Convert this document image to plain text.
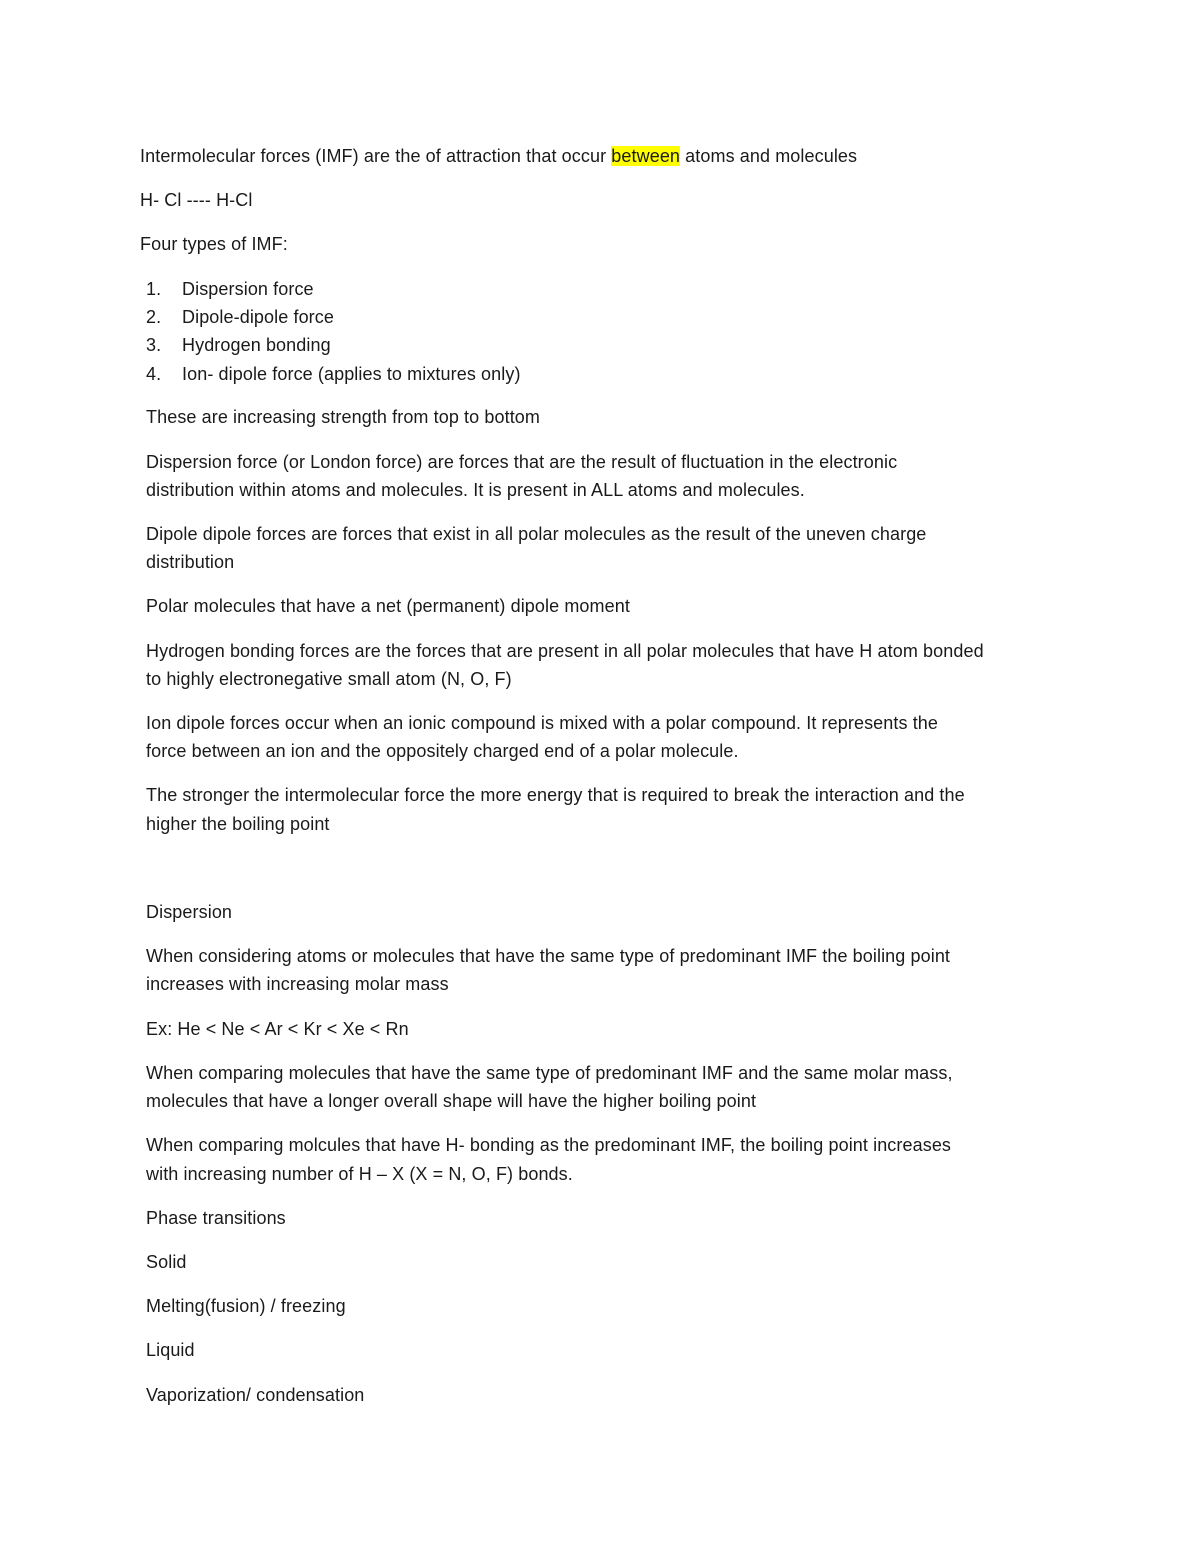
Intermolecular forces (IMF) are the of attraction that occur between atoms and molecules
H- Cl ---- H-Cl
Four types of IMF:
1. Dispersion force
2. Dipole-dipole force
3. Hydrogen bonding
4. Ion- dipole force (applies to mixtures only)
These are increasing strength from top to bottom
Dispersion force (or London force) are forces that are the result of fluctuation in the electronic
distribution within atoms and molecules. It is present in ALL atoms and molecules.
Dipole dipole forces are forces that exist in all polar molecules as the result of the uneven charge
distribution
Polar molecules that have a net (permanent) dipole moment
Hydrogen bonding forces are the forces that are present in all polar molecules that have H atom bonded
to highly electronegative small atom (N, O, F)
Ion dipole forces occur when an ionic compound is mixed with a polar compound. It represents the
force between an ion and the oppositely charged end of a polar molecule.
The stronger the intermolecular force the more energy that is required to break the interaction and the
higher the boiling point
Dispersion
When considering atoms or molecules that have the same type of predominant IMF the boiling point
increases with increasing molar mass
Ex: He < Ne < Ar < Kr < Xe < Rn
When comparing molecules that have the same type of predominant IMF and the same molar mass,
molecules that have a longer overall shape will have the higher boiling point
When comparing molcules that have H- bonding as the predominant IMF, the boiling point increases
with increasing number of H – X (X = N, O, F) bonds.
Phase transitions
Solid
Melting(fusion) / freezing
Liquid
Vaporization/ condensation
